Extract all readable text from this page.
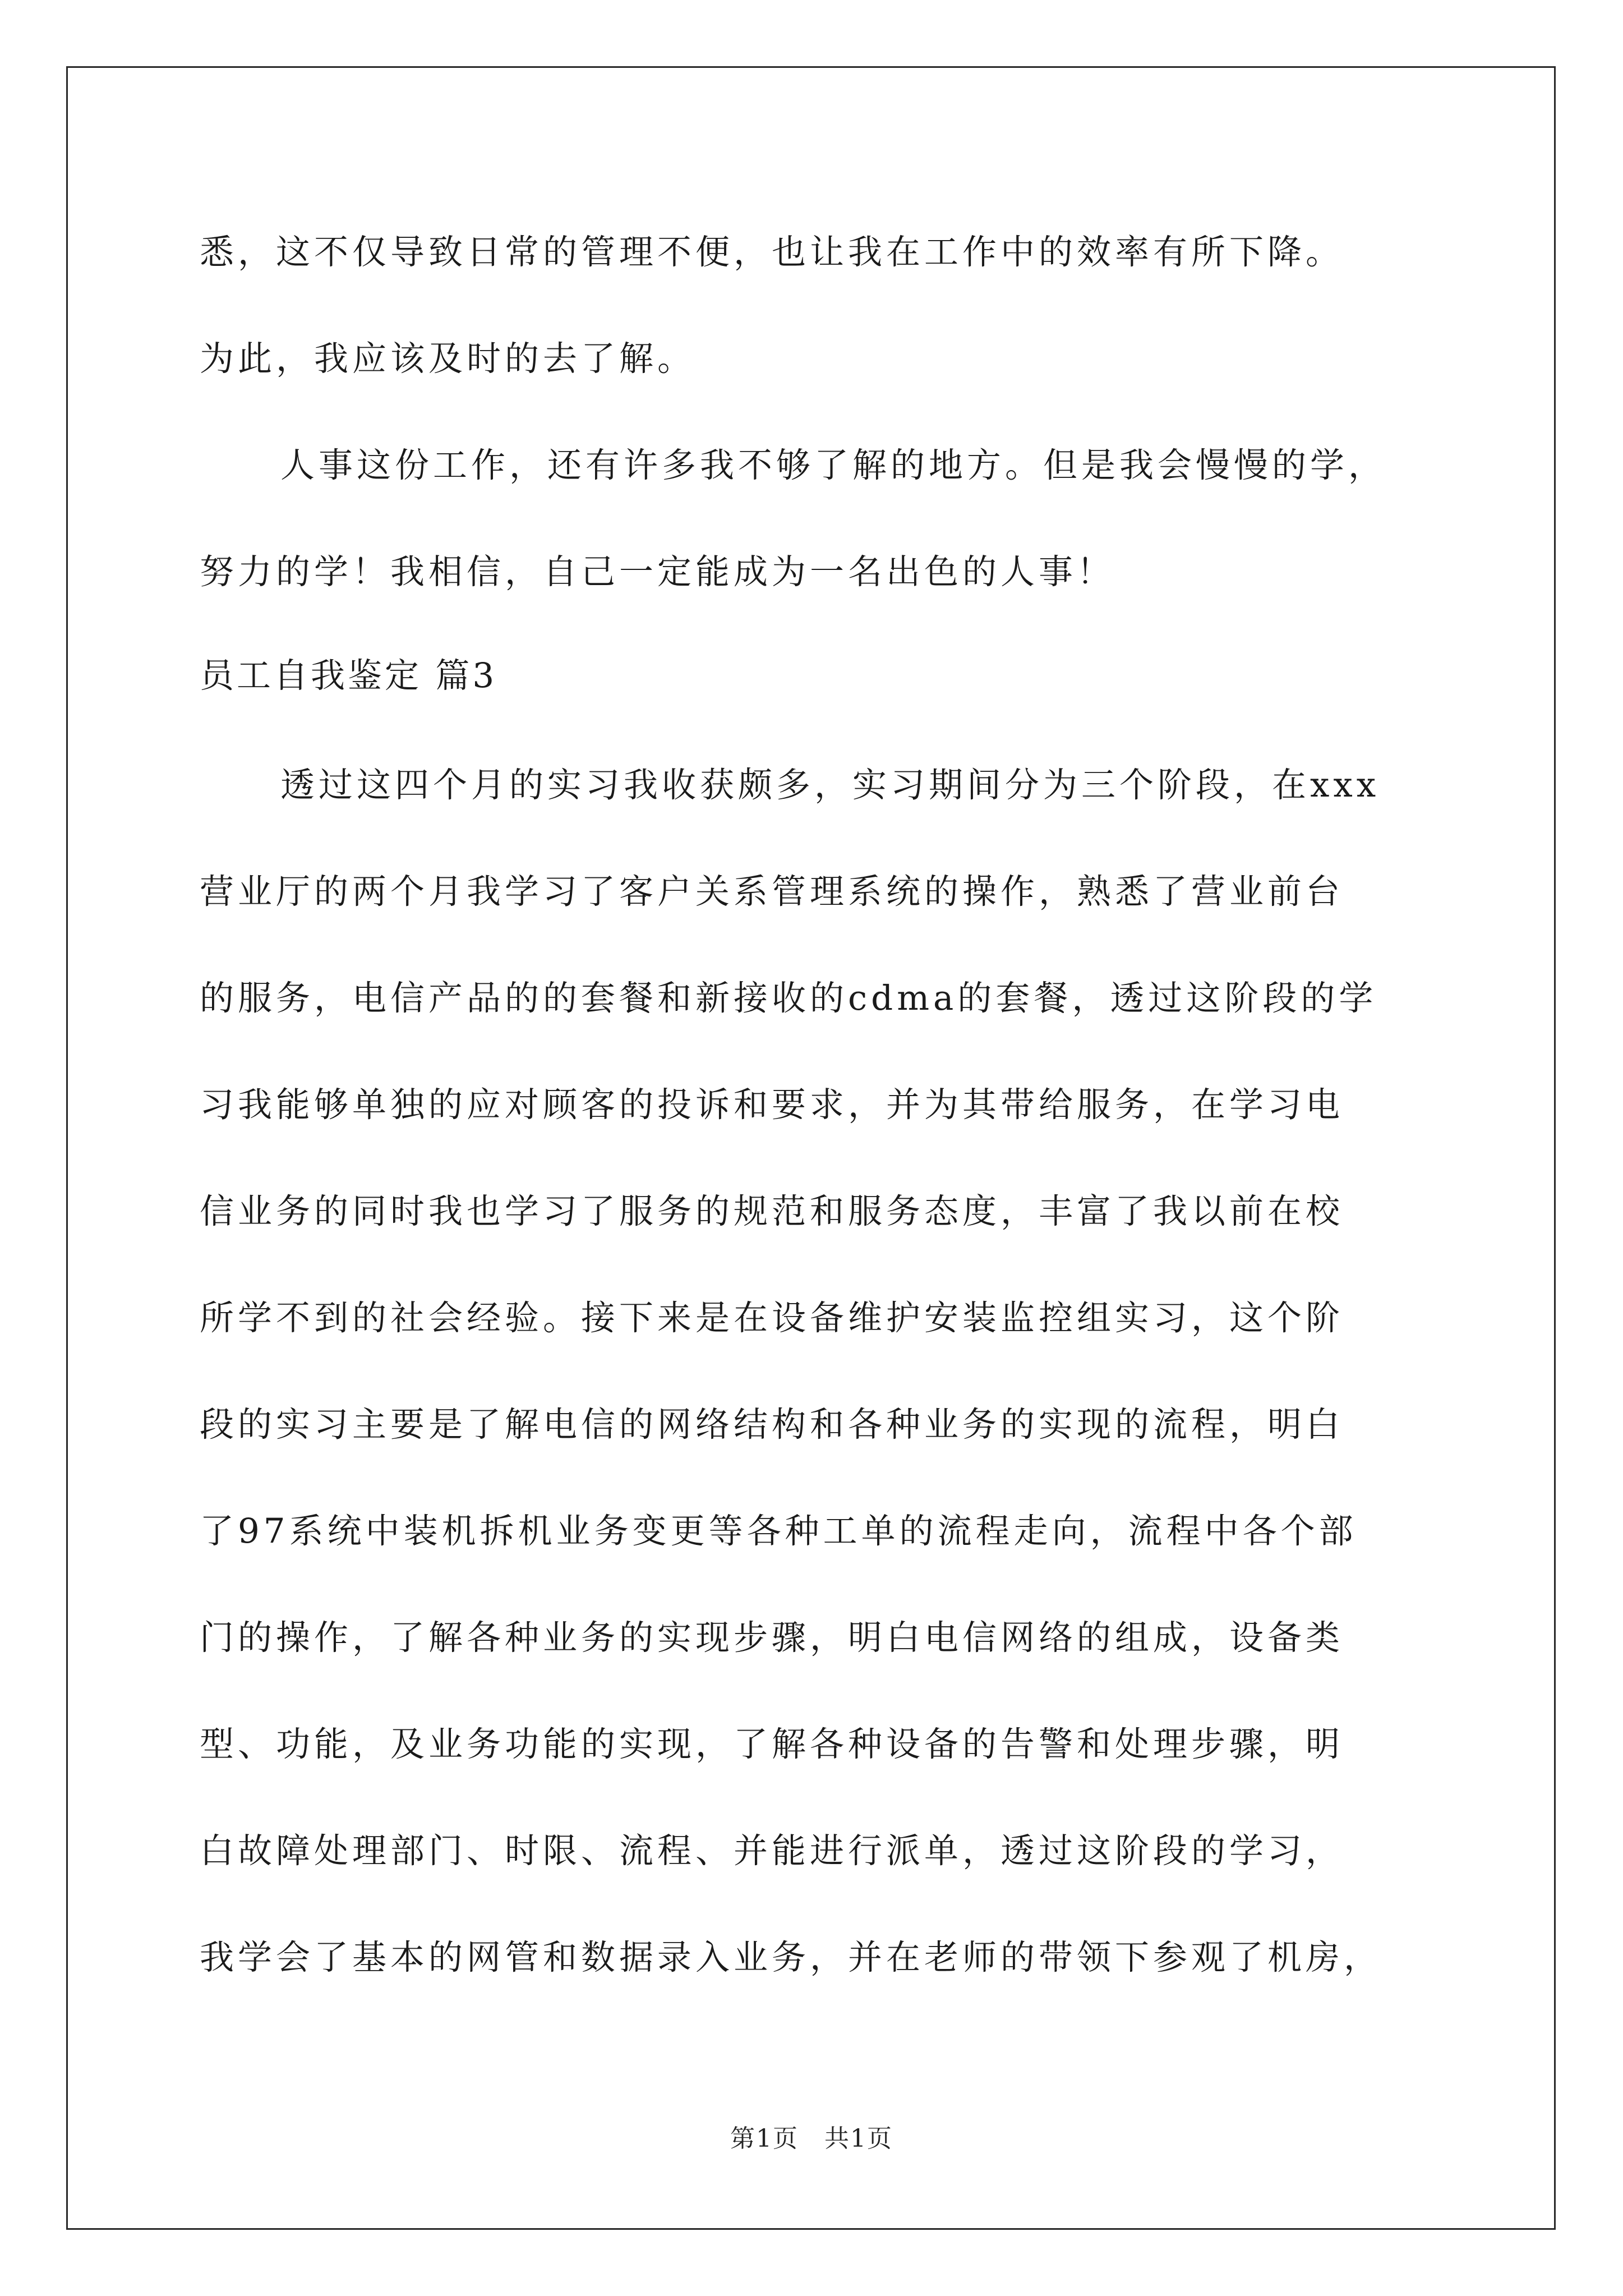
悉，这不仅导致日常的管理不便，也让我在工作中的效率有所下降。
为此，我应该及时的去了解。
人事这份工作，还有许多我不够了解的地方。但是我会慢慢的学，
努力的学！我相信，自己一定能成为一名出色的人事！
员工自我鉴定 篇3
透过这四个月的实习我收获颇多，实习期间分为三个阶段，在xxx
营业厅的两个月我学习了客户关系管理系统的操作，熟悉了营业前台
的服务，电信产品的的套餐和新接收的cdma的套餐，透过这阶段的学
习我能够单独的应对顾客的投诉和要求，并为其带给服务，在学习电
信业务的同时我也学习了服务的规范和服务态度，丰富了我以前在校
所学不到的社会经验。接下来是在设备维护安装监控组实习，这个阶
段的实习主要是了解电信的网络结构和各种业务的实现的流程，明白
了97系统中装机拆机业务变更等各种工单的流程走向，流程中各个部
门的操作，了解各种业务的实现步骤，明白电信网络的组成，设备类
型、功能，及业务功能的实现，了解各种设备的告警和处理步骤，明
白故障处理部门、时限、流程、并能进行派单，透过这阶段的学习，
我学会了基本的网管和数据录入业务，并在老师的带领下参观了机房，
第1页　共1页
